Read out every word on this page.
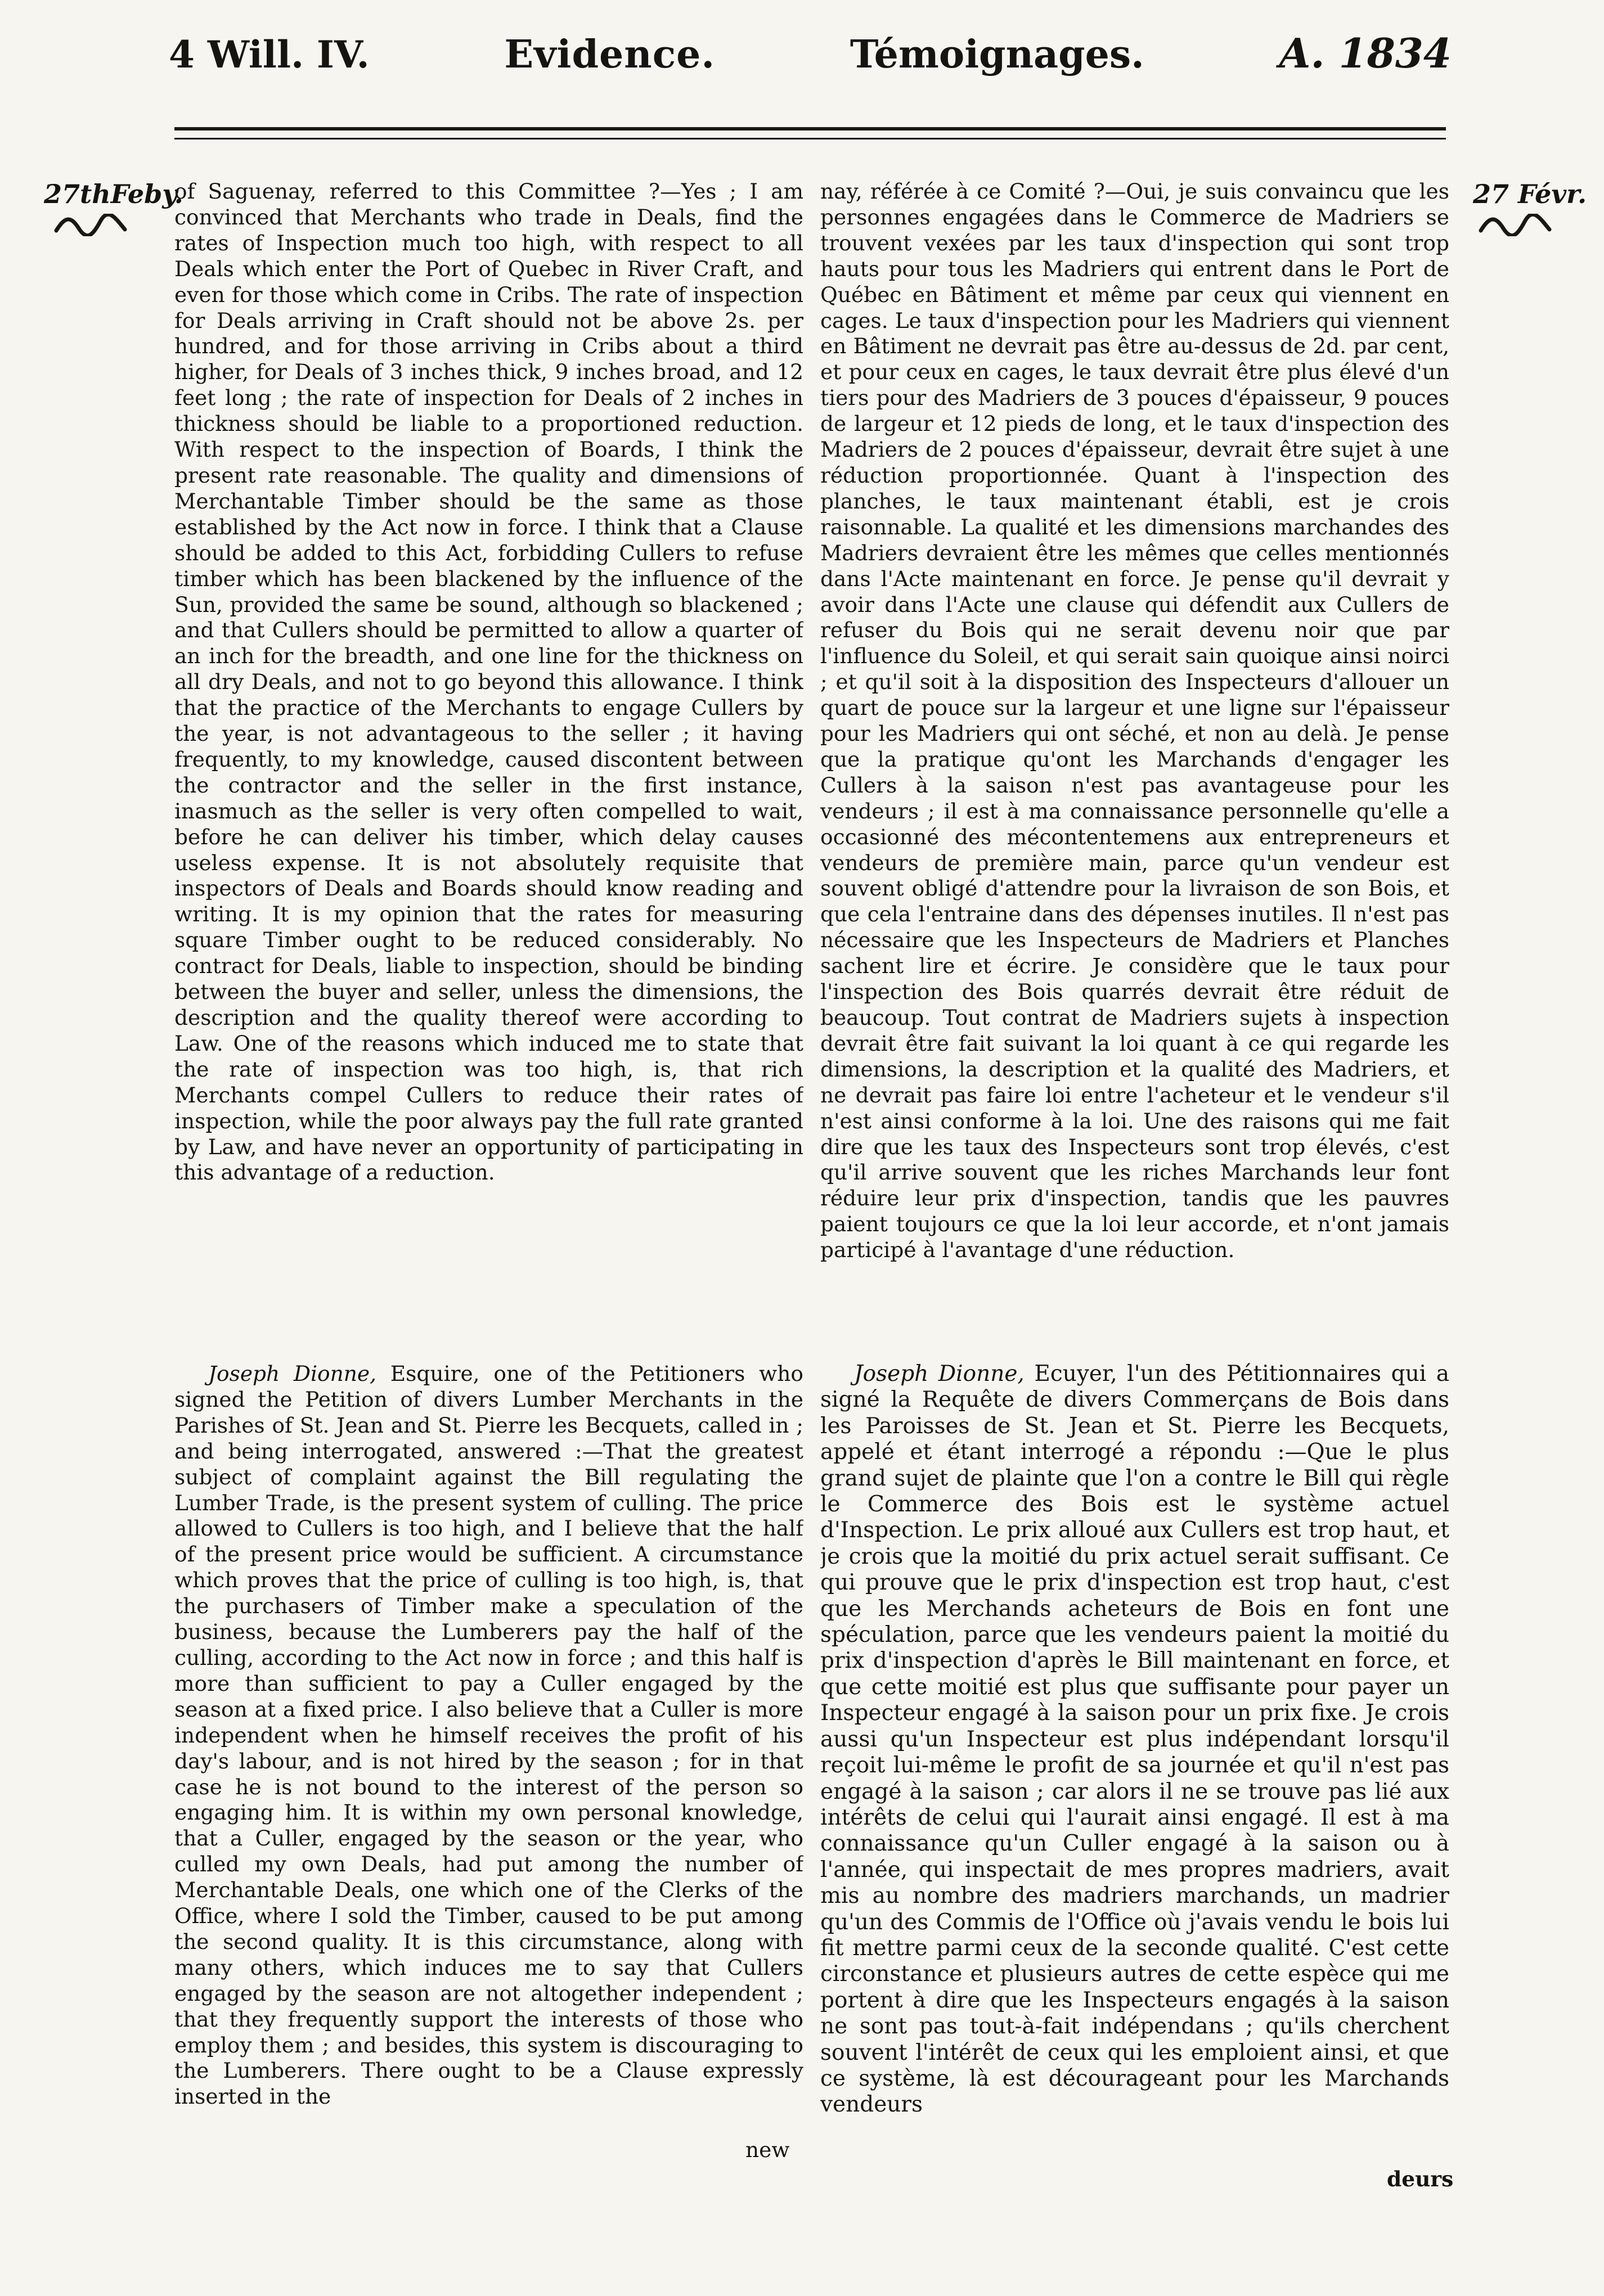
4 Will. IV.	Evidence.	Témoignages.	A. 1834
27thFeby.	27 Févr.

of Saguenay, referred to this Committee ?—Yes ; I am convinced that Merchants who trade in Deals, find the rates of Inspection much too high, with respect to all Deals which enter the Port of Quebec in River Craft, and even for those which come in Cribs. The rate of inspection for Deals arriving in Craft should not be above 2s. per hundred, and for those arriving in Cribs about a third higher, for Deals of 3 inches thick, 9 inches broad, and 12 feet long ; the rate of inspection for Deals of 2 inches in thickness should be liable to a proportioned reduction. With respect to the inspection of Boards, I think the present rate reasonable. The quality and dimensions of Merchantable Timber should be the same as those established by the Act now in force. I think that a Clause should be added to this Act, forbidding Cullers to refuse timber which has been blackened by the influence of the Sun, provided the same be sound, although so blackened ; and that Cullers should be permitted to allow a quarter of an inch for the breadth, and one line for the thickness on all dry Deals, and not to go beyond this allowance. I think that the practice of the Merchants to engage Cullers by the year, is not advantageous to the seller ; it having frequently, to my knowledge, caused discontent between the contractor and the seller in the first instance, inasmuch as the seller is very often compelled to wait, before he can deliver his timber, which delay causes useless expense. It is not absolutely requisite that inspectors of Deals and Boards should know reading and writing. It is my opinion that the rates for measuring square Timber ought to be reduced considerably. No contract for Deals, liable to inspection, should be binding between the buyer and seller, unless the dimensions, the description and the quality thereof were according to Law. One of the reasons which induced me to state that the rate of inspection was too high, is, that rich Merchants compel Cullers to reduce their rates of inspection, while the poor always pay the full rate granted by Law, and have never an opportunity of participating in this advantage of a reduction.

nay, référée à ce Comité ?—Oui, je suis convaincu que les personnes engagées dans le Commerce de Madriers se trouvent vexées par les taux d'inspection qui sont trop hauts pour tous les Madriers qui entrent dans le Port de Québec en Bâtiment et même par ceux qui viennent en cages. Le taux d'inspection pour les Madriers qui viennent en Bâtiment ne devrait pas être au-dessus de 2d. par cent, et pour ceux en cages, le taux devrait être plus élevé d'un tiers pour des Madriers de 3 pouces d'épaisseur, 9 pouces de largeur et 12 pieds de long, et le taux d'inspection des Madriers de 2 pouces d'épaisseur, devrait être sujet à une réduction proportionnée. Quant à l'inspection des planches, le taux maintenant établi, est je crois raisonnable. La qualité et les dimensions marchandes des Madriers devraient être les mêmes que celles mentionnés dans l'Acte maintenant en force. Je pense qu'il devrait y avoir dans l'Acte une clause qui défendit aux Cullers de refuser du Bois qui ne serait devenu noir que par l'influence du Soleil, et qui serait sain quoique ainsi noirci ; et qu'il soit à la disposition des Inspecteurs d'allouer un quart de pouce sur la largeur et une ligne sur l'épaisseur pour les Madriers qui ont séché, et non au delà. Je pense que la pratique qu'ont les Marchands d'engager les Cullers à la saison n'est pas avantageuse pour les vendeurs ; il est à ma connaissance personnelle qu'elle a occasionné des mécontentemens aux entrepreneurs et vendeurs de première main, parce qu'un vendeur est souvent obligé d'attendre pour la livraison de son Bois, et que cela l'entraine dans des dépenses inutiles. Il n'est pas nécessaire que les Inspecteurs de Madriers et Planches sachent lire et écrire. Je considère que le taux pour l'inspection des Bois quarrés devrait être réduit de beaucoup. Tout contrat de Madriers sujets à inspection devrait être fait suivant la loi quant à ce qui regarde les dimensions, la description et la qualité des Madriers, et ne devrait pas faire loi entre l'acheteur et le vendeur s'il n'est ainsi conforme à la loi. Une des raisons qui me fait dire que les taux des Inspecteurs sont trop élevés, c'est qu'il arrive souvent que les riches Marchands leur font réduire leur prix d'inspection, tandis que les pauvres paient toujours ce que la loi leur accorde, et n'ont jamais participé à l'avantage d'une réduction.

Joseph Dionne, Esquire, one of the Petitioners who signed the Petition of divers Lumber Merchants in the Parishes of St. Jean and St. Pierre les Becquets, called in ; and being interrogated, answered :—That the greatest subject of complaint against the Bill regulating the Lumber Trade, is the present system of culling. The price allowed to Cullers is too high, and I believe that the half of the present price would be sufficient. A circumstance which proves that the price of culling is too high, is, that the purchasers of Timber make a speculation of the business, because the Lumberers pay the half of the culling, according to the Act now in force ; and this half is more than sufficient to pay a Culler engaged by the season at a fixed price. I also believe that a Culler is more independent when he himself receives the profit of his day's labour, and is not hired by the season ; for in that case he is not bound to the interest of the person so engaging him. It is within my own personal knowledge, that a Culler, engaged by the season or the year, who culled my own Deals, had put among the number of Merchantable Deals, one which one of the Clerks of the Office, where I sold the Timber, caused to be put among the second quality. It is this circumstance, along with many others, which induces me to say that Cullers engaged by the season are not altogether independent ; that they frequently support the interests of those who employ them ; and besides, this system is discouraging to the Lumberers. There ought to be a Clause expressly inserted in the

Joseph Dionne, Ecuyer, l'un des Pétitionnaires qui a signé la Requête de divers Commerçans de Bois dans les Paroisses de St. Jean et St. Pierre les Becquets, appelé et étant interrogé a répondu :—Que le plus grand sujet de plainte que l'on a contre le Bill qui règle le Commerce des Bois est le système actuel d'Inspection. Le prix alloué aux Cullers est trop haut, et je crois que la moitié du prix actuel serait suffisant. Ce qui prouve que le prix d'inspection est trop haut, c'est que les Merchands acheteurs de Bois en font une spéculation, parce que les vendeurs paient la moitié du prix d'inspection d'après le Bill maintenant en force, et que cette moitié est plus que suffisante pour payer un Inspecteur engagé à la saison pour un prix fixe. Je crois aussi qu'un Inspecteur est plus indépendant lorsqu'il reçoit lui-même le profit de sa journée et qu'il n'est pas engagé à la saison ; car alors il ne se trouve pas lié aux intérêts de celui qui l'aurait ainsi engagé. Il est à ma connaissance qu'un Culler engagé à la saison ou à l'année, qui inspectait de mes propres madriers, avait mis au nombre des madriers marchands, un madrier qu'un des Commis de l'Office où j'avais vendu le bois lui fit mettre parmi ceux de la seconde qualité. C'est cette circonstance et plusieurs autres de cette espèce qui me portent à dire que les Inspecteurs engagés à la saison ne sont pas tout-à-fait indépendans ; qu'ils cherchent souvent l'intérêt de ceux qui les emploient ainsi, et que ce système, là est décourageant pour les Marchands vendeurs

new
deurs
